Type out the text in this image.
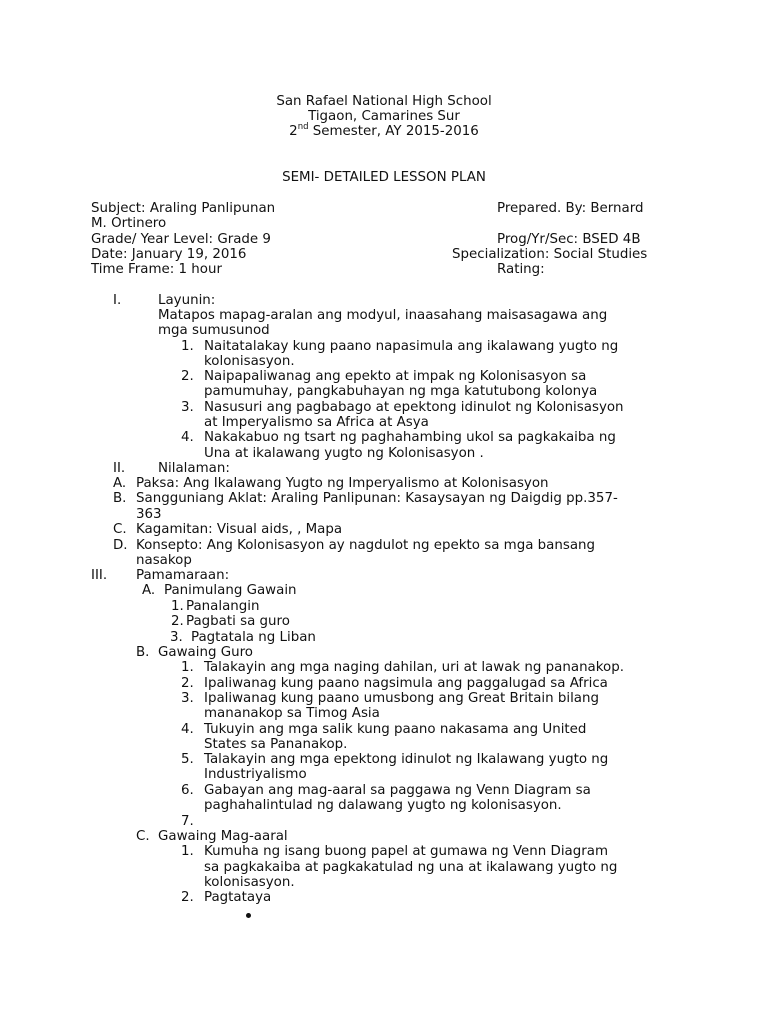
San Rafael National High School
Tigaon, Camarines Sur
2nd Semester, AY 2015-2016
SEMI- DETAILED LESSON PLAN
Subject: Araling Panlipunan	Prepared. By: Bernard
M. Ortinero
Grade/ Year Level: Grade 9	Prog/Yr/Sec: BSED 4B
Date: January 19, 2016	Specialization: Social Studies
Time Frame: 1 hour	Rating:
I.	Layunin:
Matapos mapag-aralan ang modyul, inaasahang maisasagawa ang
mga sumusunod
1. Naitatalakay kung paano napasimula ang ikalawang yugto ng
kolonisasyon.
2. Naipapaliwanag ang epekto at impak ng Kolonisasyon sa
pamumuhay, pangkabuhayan ng mga katutubong kolonya
3. Nasusuri ang pagbabago at epektong idinulot ng Kolonisasyon
at Imperyalismo sa Africa at Asya
4. Nakakabuo ng tsart ng paghahambing ukol sa pagkakaiba ng
Una at ikalawang yugto ng Kolonisasyon .
II. Nilalaman:
A. Paksa: Ang Ikalawang Yugto ng Imperyalismo at Kolonisasyon
B. Sangguniang Aklat: Araling Panlipunan: Kasaysayan ng Daigdig pp.357-
363
C. Kagamitan: Visual aids, , Mapa
D. Konsepto: Ang Kolonisasyon ay nagdulot ng epekto sa mga bansang
nasakop
III. Pamamaraan:
A. Panimulang Gawain
1. Panalangin
2. Pagbati sa guro
3. Pagtatala ng Liban
B. Gawaing Guro
1. Talakayin ang mga naging dahilan, uri at lawak ng pananakop.
2. Ipaliwanag kung paano nagsimula ang paggalugad sa Africa
3. Ipaliwanag kung paano umusbong ang Great Britain bilang
mananakop sa Timog Asia
4. Tukuyin ang mga salik kung paano nakasama ang United
States sa Pananakop.
5. Talakayin ang mga epektong idinulot ng Ikalawang yugto ng
Industriyalismo
6. Gabayan ang mag-aaral sa paggawa ng Venn Diagram sa
paghahalintulad ng dalawang yugto ng kolonisasyon.
7.
C. Gawaing Mag-aaral
1. Kumuha ng isang buong papel at gumawa ng Venn Diagram
sa pagkakaiba at pagkakatulad ng una at ikalawang yugto ng
kolonisasyon.
2. Pagtataya
